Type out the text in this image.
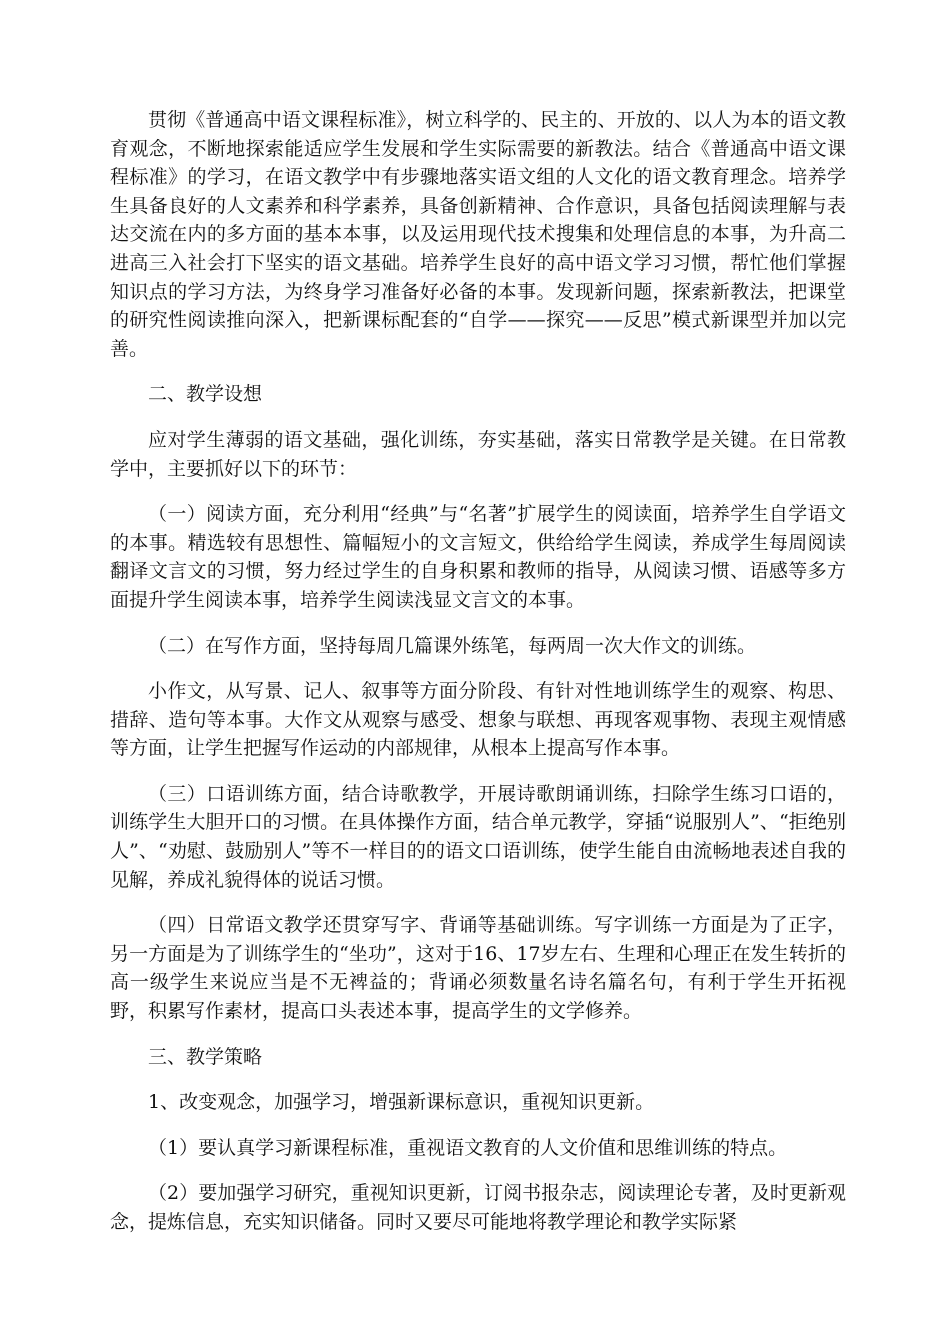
贯彻《普通高中语文课程标准》，树立科学的、民主的、开放的、以人为本的语文教育观念，不断地探索能适应学生发展和学生实际需要的新教法。结合《普通高中语文课程标准》的学习，在语文教学中有步骤地落实语文组的人文化的语文教育理念。培养学生具备良好的人文素养和科学素养，具备创新精神、合作意识，具备包括阅读理解与表达交流在内的多方面的基本本事，以及运用现代技术搜集和处理信息的本事，为升高二进高三入社会打下坚实的语文基础。培养学生良好的高中语文学习习惯，帮忙他们掌握知识点的学习方法，为终身学习准备好必备的本事。发现新问题，探索新教法，把课堂的研究性阅读推向深入，把新课标配套的“自学——探究——反思”模式新课型并加以完善。

二、教学设想

应对学生薄弱的语文基础，强化训练，夯实基础，落实日常教学是关键。在日常教学中，主要抓好以下的环节：

（一）阅读方面，充分利用“经典”与“名著”扩展学生的阅读面，培养学生自学语文的本事。精选较有思想性、篇幅短小的文言短文，供给给学生阅读，养成学生每周阅读翻译文言文的习惯，努力经过学生的自身积累和教师的指导，从阅读习惯、语感等多方面提升学生阅读本事，培养学生阅读浅显文言文的本事。

（二）在写作方面，坚持每周几篇课外练笔，每两周一次大作文的训练。

小作文，从写景、记人、叙事等方面分阶段、有针对性地训练学生的观察、构思、措辞、造句等本事。大作文从观察与感受、想象与联想、再现客观事物、表现主观情感等方面，让学生把握写作运动的内部规律，从根本上提高写作本事。

（三）口语训练方面，结合诗歌教学，开展诗歌朗诵训练，扫除学生练习口语的，训练学生大胆开口的习惯。在具体操作方面，结合单元教学，穿插“说服别人”、“拒绝别人”、“劝慰、鼓励别人”等不一样目的的语文口语训练，使学生能自由流畅地表述自我的见解，养成礼貌得体的说话习惯。

（四）日常语文教学还贯穿写字、背诵等基础训练。写字训练一方面是为了正字，另一方面是为了训练学生的“坐功”，这对于16、17岁左右、生理和心理正在发生转折的高一级学生来说应当是不无裨益的；背诵必须数量名诗名篇名句，有利于学生开拓视野，积累写作素材，提高口头表述本事，提高学生的文学修养。

三、教学策略

1、改变观念，加强学习，增强新课标意识，重视知识更新。

（1）要认真学习新课程标准，重视语文教育的人文价值和思维训练的特点。

（2）要加强学习研究，重视知识更新，订阅书报杂志，阅读理论专著，及时更新观念，提炼信息，充实知识储备。同时又要尽可能地将教学理论和教学实际紧
